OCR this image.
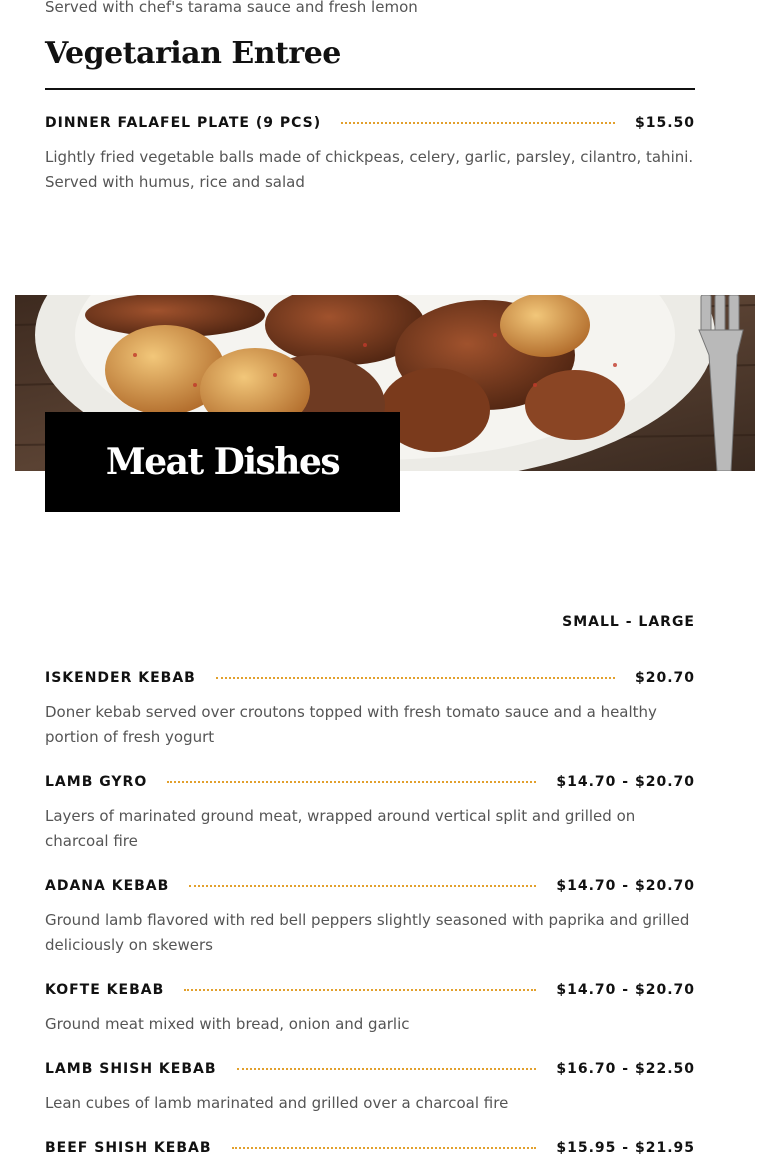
Served with chef's tarama sauce and fresh lemon

Vegetarian Entree
DINNER FALAFEL PLATE (9 PCS)	$15.50

Lightly fried vegetable balls made of chickpeas, celery, garlic, parsley, cilantro, tahini. Served with humus, rice and salad

Meat Dishes
SMALL - LARGE
ISKENDER KEBAB	$20.70

Doner kebab served over croutons topped with fresh tomato sauce and a healthy portion of fresh yogurt

LAMB GYRO	$14.70 - $20.70

Layers of marinated ground meat, wrapped around vertical split and grilled on charcoal fire

ADANA KEBAB	$14.70 - $20.70

Ground lamb flavored with red bell peppers slightly seasoned with paprika and grilled deliciously on skewers

KOFTE KEBAB	$14.70 - $20.70

Ground meat mixed with bread, onion and garlic

LAMB SHISH KEBAB	$16.70 - $22.50

Lean cubes of lamb marinated and grilled over a charcoal fire

BEEF SHISH KEBAB	$15.95 - $21.95
